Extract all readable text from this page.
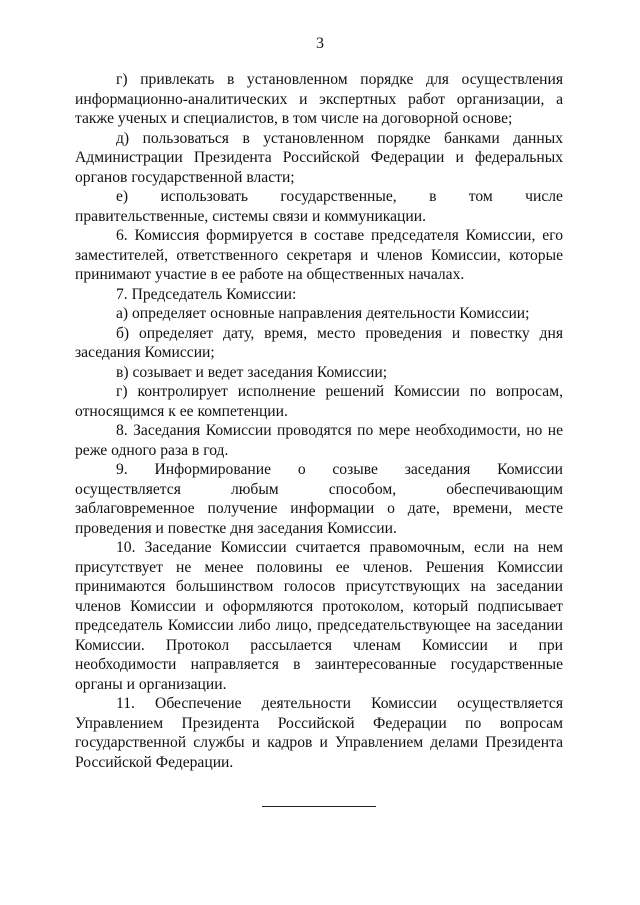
3

г) привлекать в установленном порядке для осуществления информационно-аналитических и экспертных работ организации, а также ученых и специалистов, в том числе на договорной основе;

д) пользоваться в установленном порядке банками данных Администрации Президента Российской Федерации и федеральных органов государственной власти;

е) использовать государственные, в том числе
правительственные, системы связи и коммуникации.

6. Комиссия формируется в составе председателя Комиссии, его заместителей, ответственного секретаря и членов Комиссии, которые принимают участие в ее работе на общественных началах.

7. Председатель Комиссии:

а) определяет основные направления деятельности Комиссии;

б) определяет дату, время, место проведения и повестку дня заседания Комиссии;

в) созывает и ведет заседания Комиссии;

г) контролирует исполнение решений Комиссии по вопросам, относящимся к ее компетенции.

8. Заседания Комиссии проводятся по мере необходимости, но не реже одного раза в год.

9. Информирование о созыве заседания Комиссии
осуществляется	любым	способом,	обеспечивающим
заблаговременное получение информации о дате, времени, месте проведения и повестке дня заседания Комиссии.

10. Заседание Комиссии считается правомочным, если на нем присутствует не менее половины ее членов. Решения Комиссии принимаются большинством голосов присутствующих на заседании членов Комиссии и оформляются протоколом, который подписывает председатель Комиссии либо лицо, председательствующее на заседании Комиссии. Протокол рассылается членам Комиссии и при необходимости направляется в заинтересованные государственные органы и организации.

11. Обеспечение деятельности Комиссии осуществляется Управлением Президента Российской Федерации по вопросам государственной службы и кадров и Управлением делами Президента Российской Федерации.
